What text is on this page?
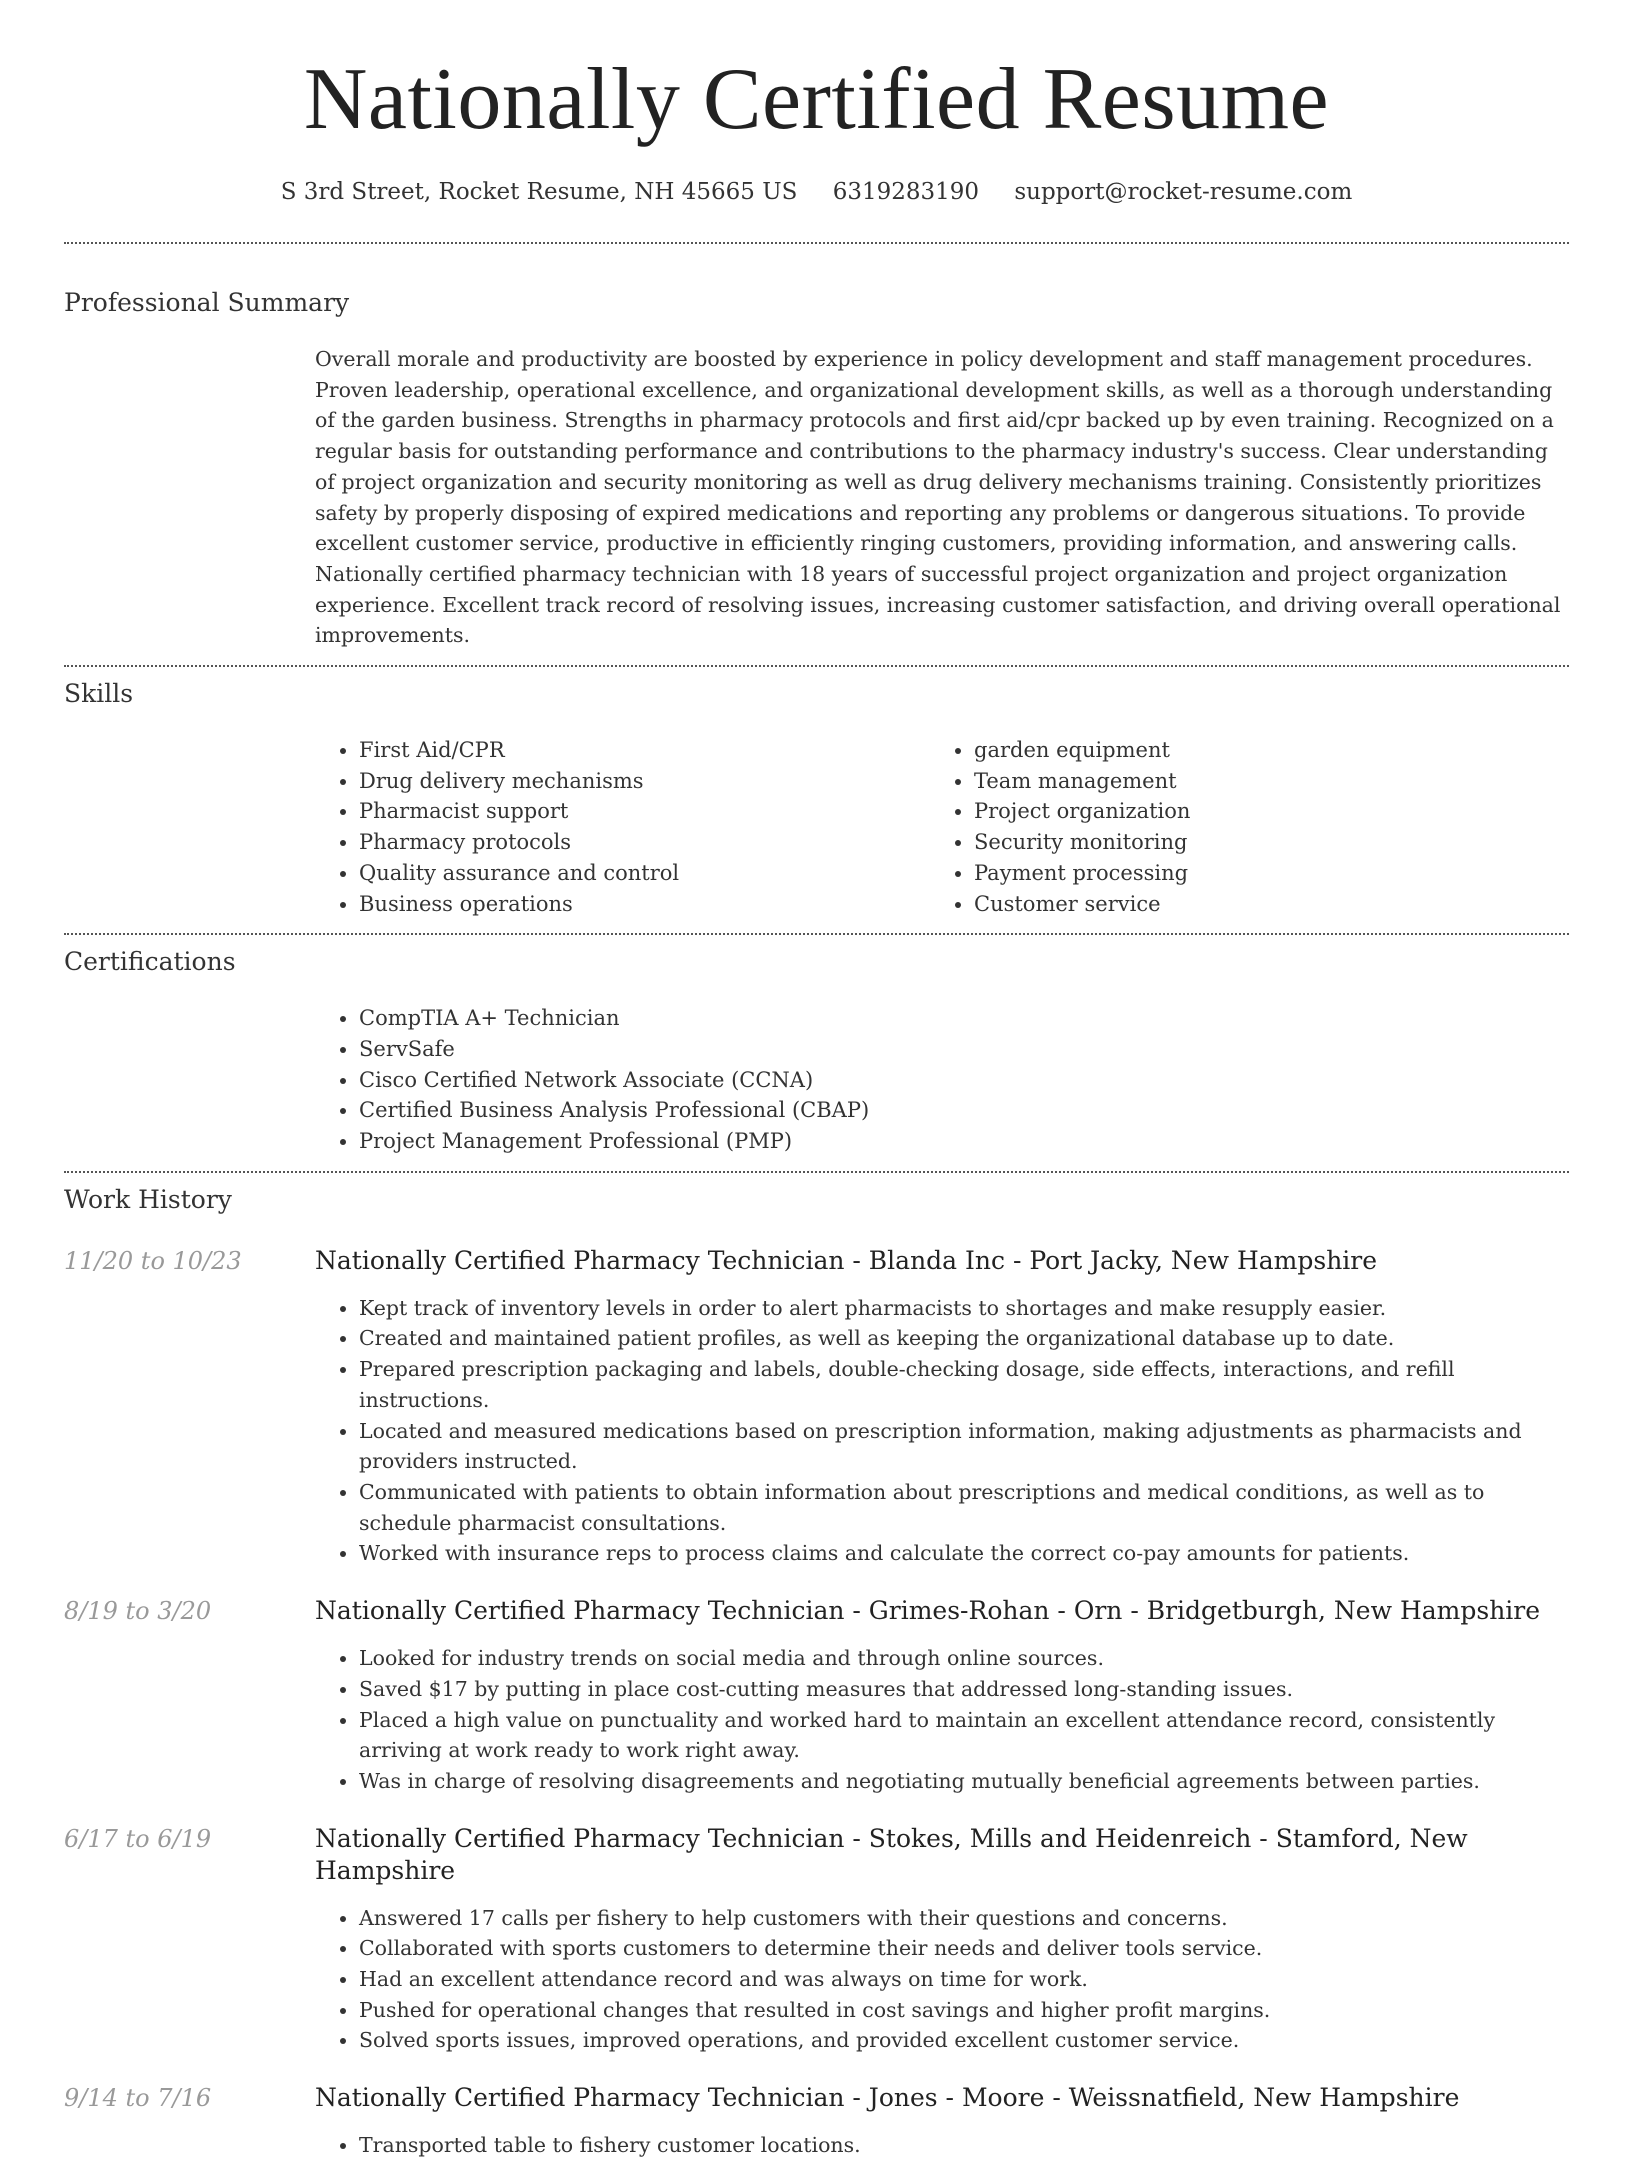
Nationally Certified Resume
S 3rd Street, Rocket Resume, NH 45665 US 6319283190 support@rocket-resume.com
Professional Summary
Overall morale and productivity are boosted by experience in policy development and staff management procedures. Proven leadership, operational excellence, and organizational development skills, as well as a thorough understanding of the garden business. Strengths in pharmacy protocols and first aid/cpr backed up by even training. Recognized on a regular basis for outstanding performance and contributions to the pharmacy industry's success. Clear understanding of project organization and security monitoring as well as drug delivery mechanisms training. Consistently prioritizes safety by properly disposing of expired medications and reporting any problems or dangerous situations. To provide excellent customer service, productive in efficiently ringing customers, providing information, and answering calls. Nationally certified pharmacy technician with 18 years of successful project organization and project organization experience. Excellent track record of resolving issues, increasing customer satisfaction, and driving overall operational improvements.
Skills
• First Aid/CPR
• Drug delivery mechanisms
• Pharmacist support
• Pharmacy protocols
• Quality assurance and control
• Business operations
• garden equipment
• Team management
• Project organization
• Security monitoring
• Payment processing
• Customer service
Certifications
• CompTIA A+ Technician
• ServSafe
• Cisco Certified Network Associate (CCNA)
• Certified Business Analysis Professional (CBAP)
• Project Management Professional (PMP)
Work History
11/20 to 10/23	Nationally Certified Pharmacy Technician - Blanda Inc - Port Jacky, New Hampshire
• Kept track of inventory levels in order to alert pharmacists to shortages and make resupply easier.
• Created and maintained patient profiles, as well as keeping the organizational database up to date.
• Prepared prescription packaging and labels, double-checking dosage, side effects, interactions, and refill instructions.
• Located and measured medications based on prescription information, making adjustments as pharmacists and providers instructed.
• Communicated with patients to obtain information about prescriptions and medical conditions, as well as to schedule pharmacist consultations.
• Worked with insurance reps to process claims and calculate the correct co-pay amounts for patients.
8/19 to 3/20	Nationally Certified Pharmacy Technician - Grimes-Rohan - Orn - Bridgetburgh, New Hampshire
• Looked for industry trends on social media and through online sources.
• Saved $17 by putting in place cost-cutting measures that addressed long-standing issues.
• Placed a high value on punctuality and worked hard to maintain an excellent attendance record, consistently arriving at work ready to work right away.
• Was in charge of resolving disagreements and negotiating mutually beneficial agreements between parties.
6/17 to 6/19	Nationally Certified Pharmacy Technician - Stokes, Mills and Heidenreich - Stamford, New Hampshire
• Answered 17 calls per fishery to help customers with their questions and concerns.
• Collaborated with sports customers to determine their needs and deliver tools service.
• Had an excellent attendance record and was always on time for work.
• Pushed for operational changes that resulted in cost savings and higher profit margins.
• Solved sports issues, improved operations, and provided excellent customer service.
9/14 to 7/16	Nationally Certified Pharmacy Technician - Jones - Moore - Weissnatfield, New Hampshire
• Transported table to fishery customer locations.
